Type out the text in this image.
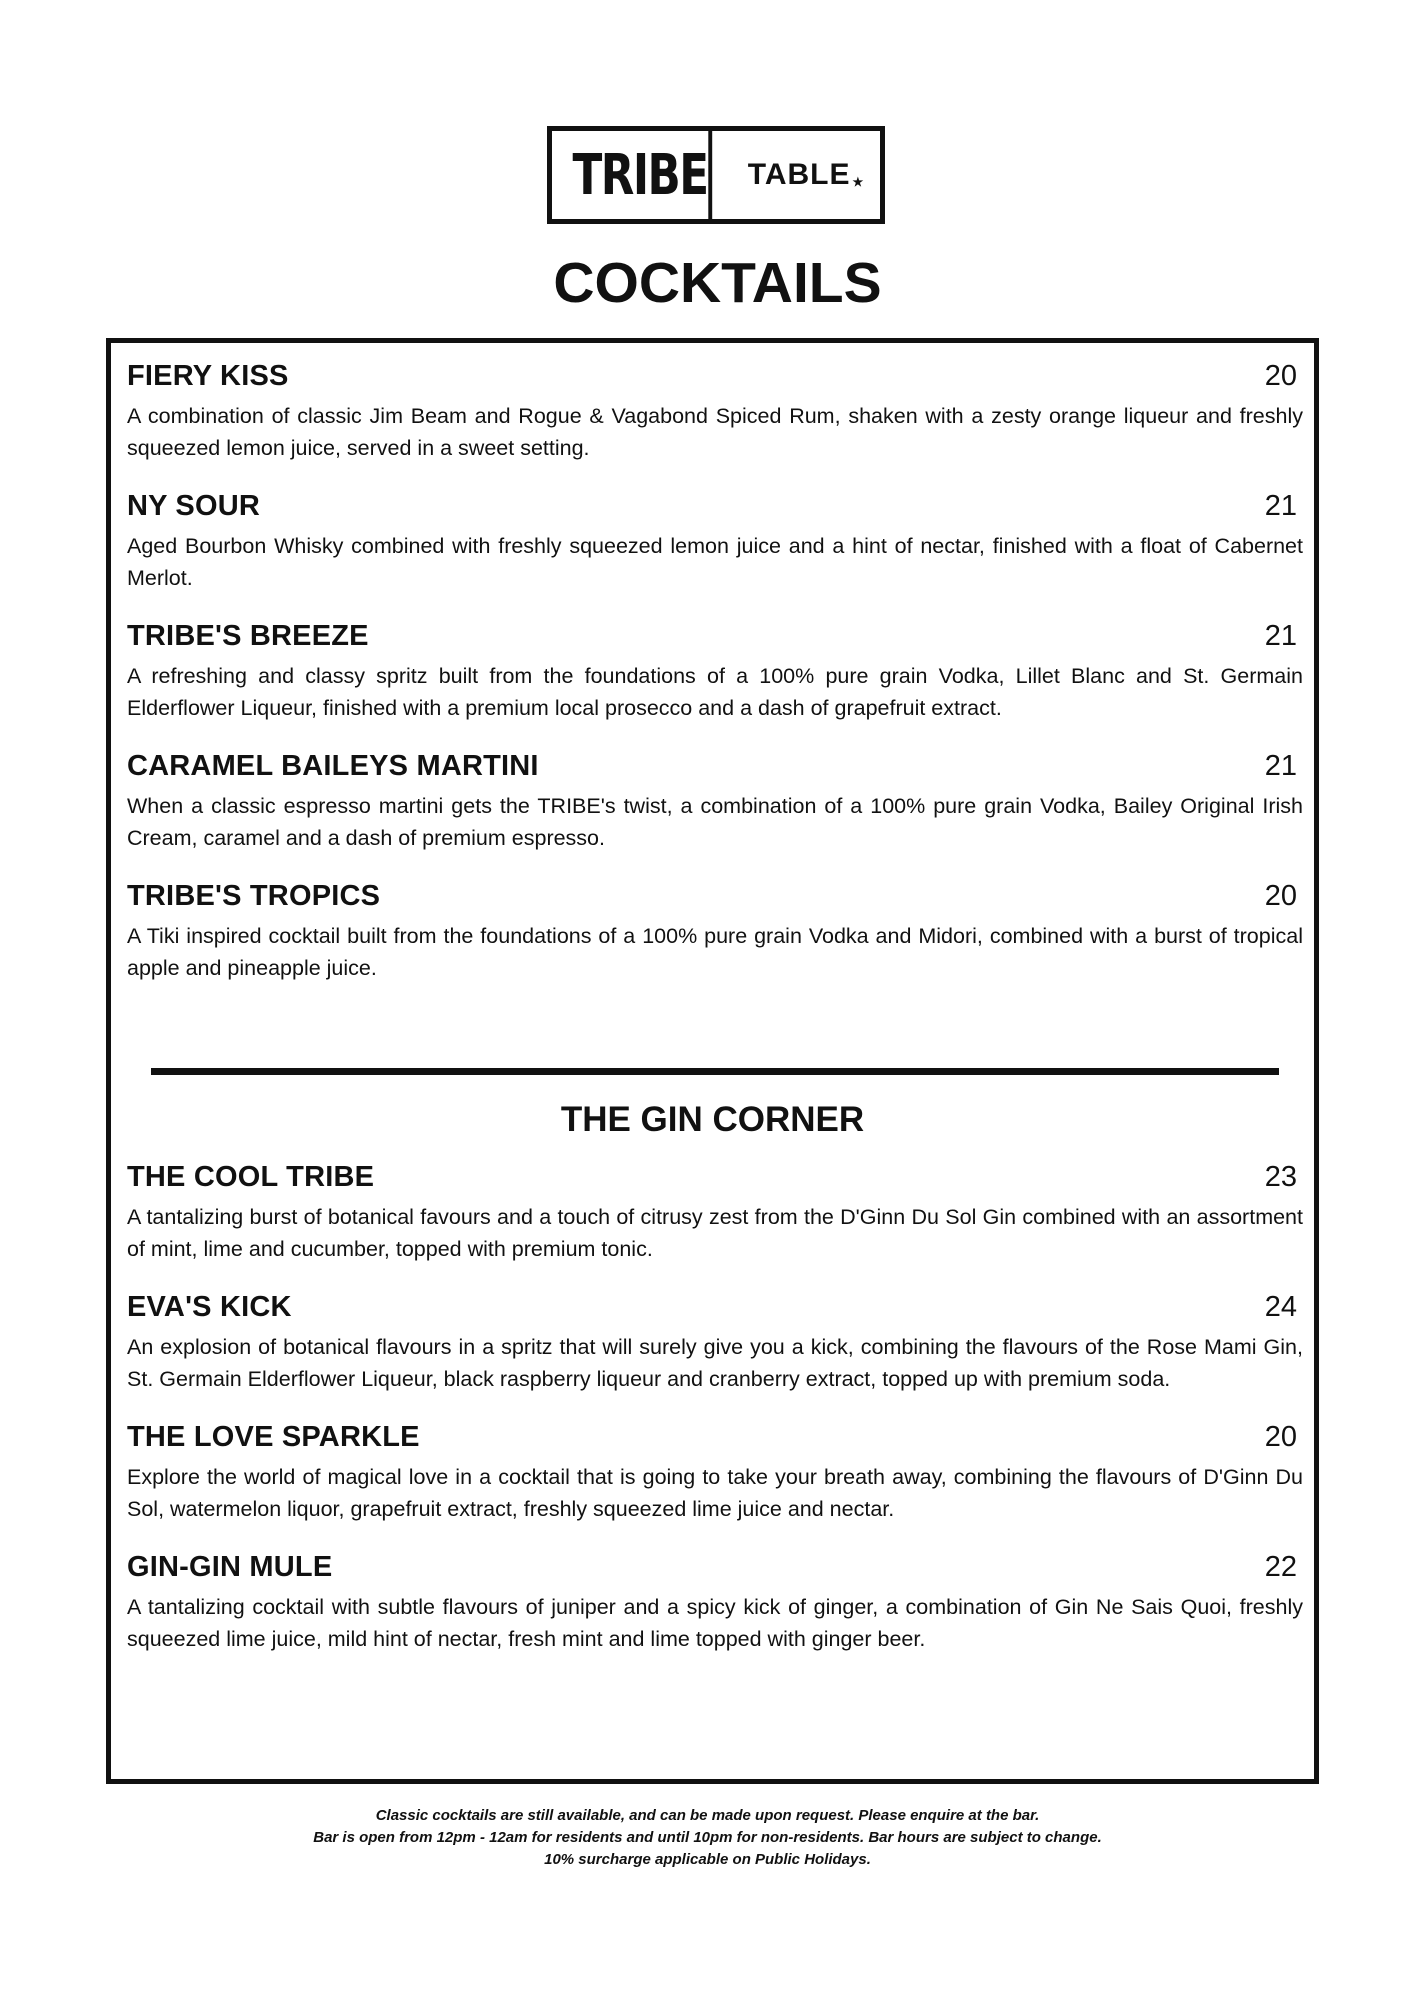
TRIBE TABLE ★
COCKTAILS
FIERY KISS	20
A combination of classic Jim Beam and Rogue & Vagabond Spiced Rum, shaken with a zesty orange liqueur and freshly squeezed lemon juice, served in a sweet setting.
NY SOUR	21
Aged Bourbon Whisky combined with freshly squeezed lemon juice and a hint of nectar, finished with a float of Cabernet Merlot.
TRIBE'S BREEZE	21
A refreshing and classy spritz built from the foundations of a 100% pure grain Vodka, Lillet Blanc and St. Germain Elderflower Liqueur, finished with a premium local prosecco and a dash of grapefruit extract.
CARAMEL BAILEYS MARTINI	21
When a classic espresso martini gets the TRIBE's twist, a combination of a 100% pure grain Vodka, Bailey Original Irish Cream, caramel and a dash of premium espresso.
TRIBE'S TROPICS	20
A Tiki inspired cocktail built from the foundations of a 100% pure grain Vodka and Midori, combined with a burst of tropical apple and pineapple juice.
THE GIN CORNER
THE COOL TRIBE	23
A tantalizing burst of botanical favours and a touch of citrusy zest from the D'Ginn Du Sol Gin combined with an assortment of mint, lime and cucumber, topped with premium tonic.
EVA'S KICK	24
An explosion of botanical flavours in a spritz that will surely give you a kick, combining the flavours of the Rose Mami Gin, St. Germain Elderflower Liqueur, black raspberry liqueur and cranberry extract, topped up with premium soda.
THE LOVE SPARKLE	20
Explore the world of magical love in a cocktail that is going to take your breath away, combining the flavours of D'Ginn Du Sol, watermelon liquor, grapefruit extract, freshly squeezed lime juice and nectar.
GIN-GIN MULE	22
A tantalizing cocktail with subtle flavours of juniper and a spicy kick of ginger, a combination of Gin Ne Sais Quoi, freshly squeezed lime juice, mild hint of nectar, fresh mint and lime topped with ginger beer.
Classic cocktails are still available, and can be made upon request. Please enquire at the bar.
Bar is open from 12pm - 12am for residents and until 10pm for non-residents. Bar hours are subject to change.
10% surcharge applicable on Public Holidays.
